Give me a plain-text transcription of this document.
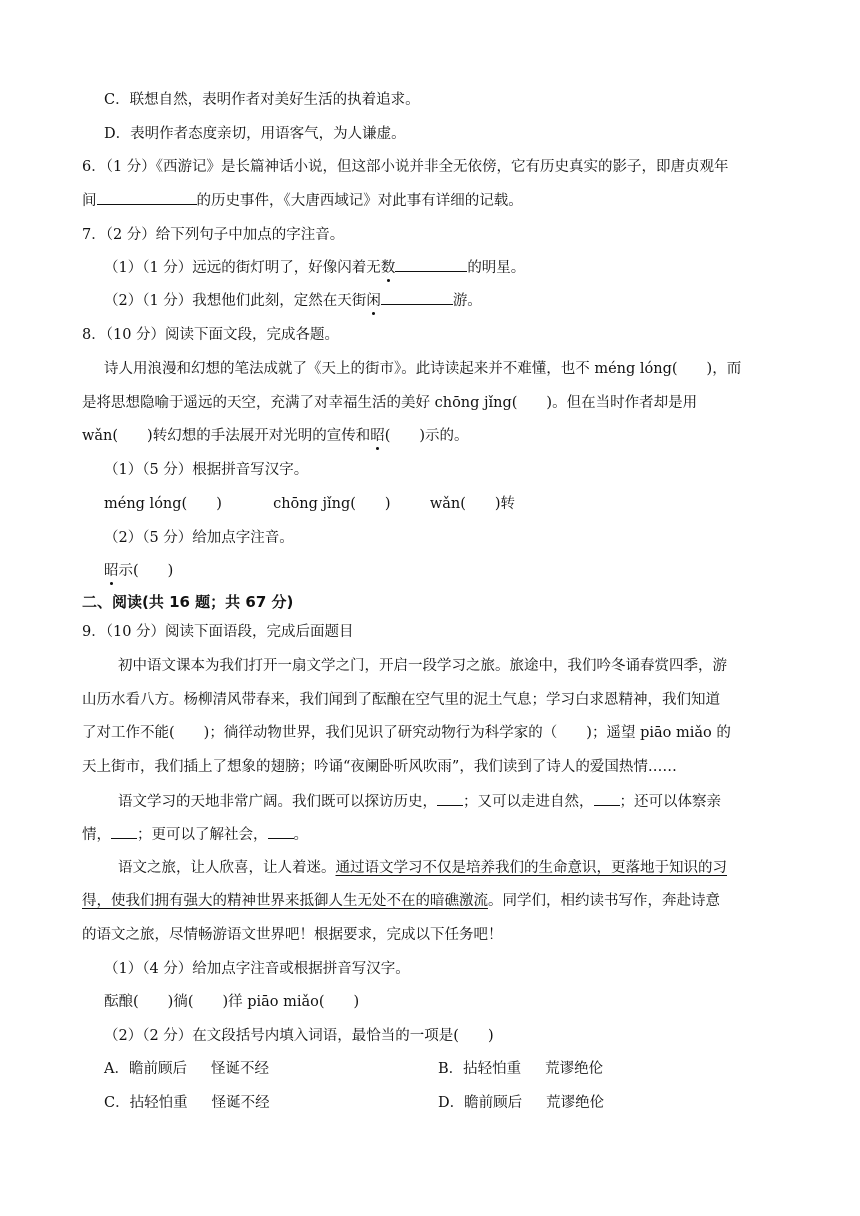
C．联想自然，表明作者对美好生活的执着追求。
D．表明作者态度亲切，用语客气，为人谦虚。
6．（1 分）《西游记》是长篇神话小说，但这部小说并非全无依傍，它有历史真实的影子，即唐贞观年
间	的历史事件，《大唐西域记》对此事有详细的记载。
7．（2 分）给下列句子中加点的字注音。
（1）（1 分）远远的街灯明了，好像闪着无数	的明星。
（2）（1 分）我想他们此刻，定然在天街闲	游。
8．（10 分）阅读下面文段，完成各题。
诗人用浪漫和幻想的笔法成就了《天上的街市》。此诗读起来并不难懂，也不 méng lóng(　　)，而
是将思想隐喻于遥远的天空，充满了对幸福生活的美好 chōng jǐng(　　)。但在当时作者却是用
wǎn(　　)转幻想的手法展开对光明的宣传和昭(　　)示的。
（1）（5 分）根据拼音写汉字。
méng lóng(　　)	chōng jǐng(　　)	wǎn(　　)转
（2）（5 分）给加点字注音。
昭示(　　)
二、阅读(共 16 题；共 67 分)
9．（10 分）阅读下面语段，完成后面题目
初中语文课本为我们打开一扇文学之门，开启一段学习之旅。旅途中，我们吟冬诵春赏四季，游
山历水看八方。杨柳清风带春来，我们闻到了酝酿在空气里的泥土气息；学习白求恩精神，我们知道
了对工作不能(　　)；徜徉动物世界，我们见识了研究动物行为科学家的（　　)；遥望 piāo miǎo 的
天上街市，我们插上了想象的翅膀；吟诵“夜阑卧听风吹雨”，我们读到了诗人的爱国热情……
语文学习的天地非常广阔。我们既可以探访历史， ；又可以走进自然， ；还可以体察亲
情， ；更可以了解社会， 。
语文之旅，让人欣喜，让人着迷。通过语文学习不仅是培养我们的生命意识，更落地于知识的习
得，使我们拥有强大的精神世界来抵御人生无处不在的暗礁激流。同学们，相约读书写作，奔赴诗意
的语文之旅，尽情畅游语文世界吧！根据要求，完成以下任务吧！
（1）（4 分）给加点字注音或根据拼音写汉字。
酝酿(　　)徜(　　)徉 piāo miǎo(　　)
（2）（2 分）在文段括号内填入词语，最恰当的一项是(　　)
A．瞻前顾后 怪诞不经	B．拈轻怕重 荒谬绝伦
C．拈轻怕重 怪诞不经	D．瞻前顾后 荒谬绝伦
